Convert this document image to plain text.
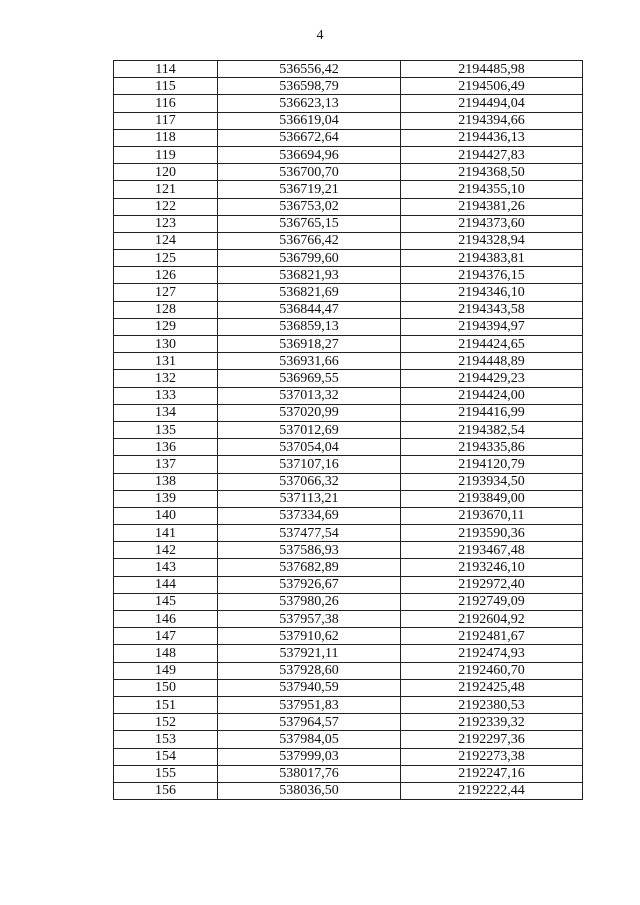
4
114	536556,42	2194485,98
115	536598,79	2194506,49
116	536623,13	2194494,04
117	536619,04	2194394,66
118	536672,64	2194436,13
119	536694,96	2194427,83
120	536700,70	2194368,50
121	536719,21	2194355,10
122	536753,02	2194381,26
123	536765,15	2194373,60
124	536766,42	2194328,94
125	536799,60	2194383,81
126	536821,93	2194376,15
127	536821,69	2194346,10
128	536844,47	2194343,58
129	536859,13	2194394,97
130	536918,27	2194424,65
131	536931,66	2194448,89
132	536969,55	2194429,23
133	537013,32	2194424,00
134	537020,99	2194416,99
135	537012,69	2194382,54
136	537054,04	2194335,86
137	537107,16	2194120,79
138	537066,32	2193934,50
139	537113,21	2193849,00
140	537334,69	2193670,11
141	537477,54	2193590,36
142	537586,93	2193467,48
143	537682,89	2193246,10
144	537926,67	2192972,40
145	537980,26	2192749,09
146	537957,38	2192604,92
147	537910,62	2192481,67
148	537921,11	2192474,93
149	537928,60	2192460,70
150	537940,59	2192425,48
151	537951,83	2192380,53
152	537964,57	2192339,32
153	537984,05	2192297,36
154	537999,03	2192273,38
155	538017,76	2192247,16
156	538036,50	2192222,44
